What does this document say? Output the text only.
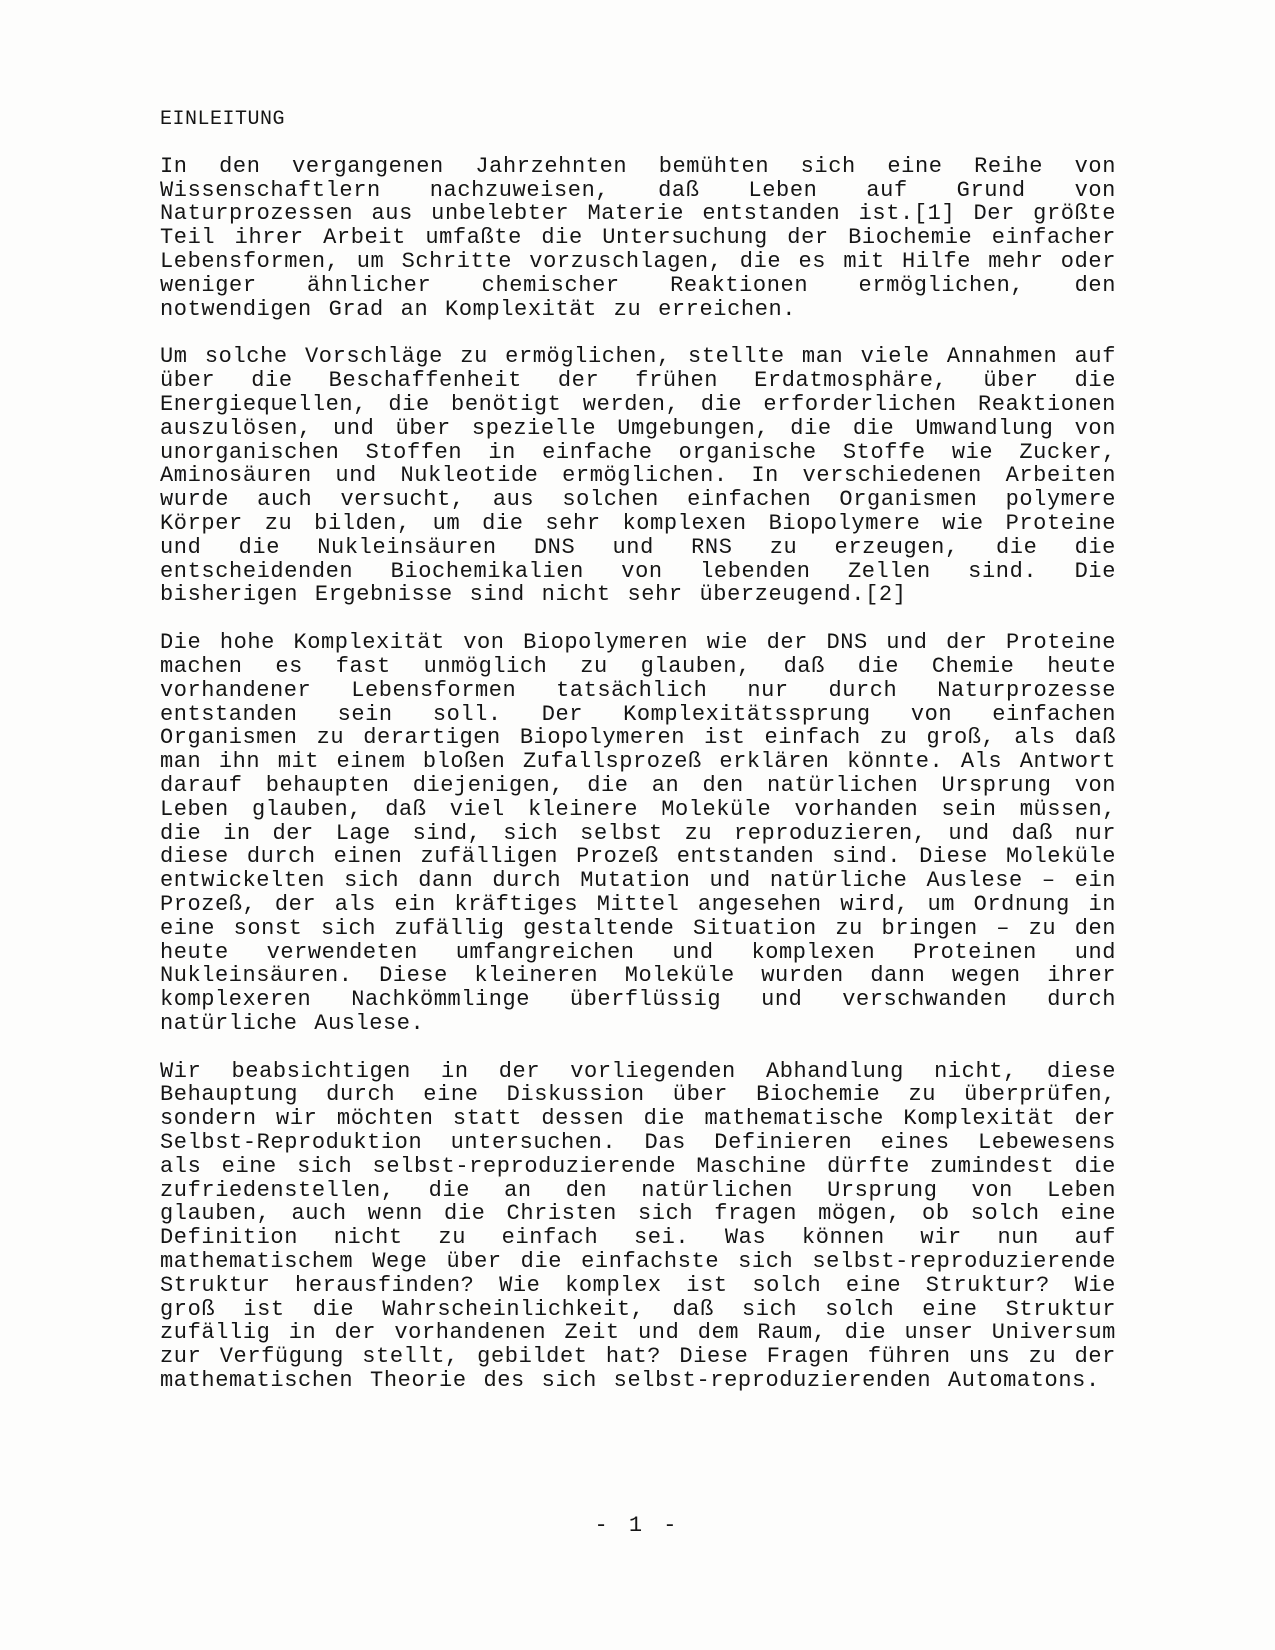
EINLEITUNG

In den vergangenen Jahrzehnten bemühten sich eine Reihe von Wissenschaftlern nachzuweisen, daß Leben auf Grund von Naturprozessen aus unbelebter Materie entstanden ist.[1] Der größte Teil ihrer Arbeit umfaßte die Untersuchung der Biochemie einfacher Lebensformen, um Schritte vorzuschlagen, die es mit Hilfe mehr oder weniger ähnlicher chemischer Reaktionen ermöglichen, den notwendigen Grad an Komplexität zu erreichen.

Um solche Vorschläge zu ermöglichen, stellte man viele Annahmen auf über die Beschaffenheit der frühen Erdatmosphäre, über die Energiequellen, die benötigt werden, die erforderlichen Reaktionen auszulösen, und über spezielle Umgebungen, die die Umwandlung von unorganischen Stoffen in einfache organische Stoffe wie Zucker, Aminosäuren und Nukleotide ermöglichen. In verschiedenen Arbeiten wurde auch versucht, aus solchen einfachen Organismen polymere Körper zu bilden, um die sehr komplexen Biopolymere wie Proteine und die Nukleinsäuren DNS und RNS zu erzeugen, die die entscheidenden Biochemikalien von lebenden Zellen sind. Die bisherigen Ergebnisse sind nicht sehr überzeugend.[2]

Die hohe Komplexität von Biopolymeren wie der DNS und der Proteine machen es fast unmöglich zu glauben, daß die Chemie heute vorhandener Lebensformen tatsächlich nur durch Naturprozesse entstanden sein soll. Der Komplexitätssprung von einfachen Organismen zu derartigen Biopolymeren ist einfach zu groß, als daß man ihn mit einem bloßen Zufallsprozeß erklären könnte. Als Antwort darauf behaupten diejenigen, die an den natürlichen Ursprung von Leben glauben, daß viel kleinere Moleküle vorhanden sein müssen, die in der Lage sind, sich selbst zu reproduzieren, und daß nur diese durch einen zufälligen Prozeß entstanden sind. Diese Moleküle entwickelten sich dann durch Mutation und natürliche Auslese – ein Prozeß, der als ein kräftiges Mittel angesehen wird, um Ordnung in eine sonst sich zufällig gestaltende Situation zu bringen – zu den heute verwendeten umfangreichen und komplexen Proteinen und Nukleinsäuren. Diese kleineren Moleküle wurden dann wegen ihrer komplexeren Nachkömmlinge überflüssig und verschwanden durch natürliche Auslese.

Wir beabsichtigen in der vorliegenden Abhandlung nicht, diese Behauptung durch eine Diskussion über Biochemie zu überprüfen, sondern wir möchten statt dessen die mathematische Komplexität der Selbst-Reproduktion untersuchen. Das Definieren eines Lebewesens als eine sich selbst-reproduzierende Maschine dürfte zumindest die zufriedenstellen, die an den natürlichen Ursprung von Leben glauben, auch wenn die Christen sich fragen mögen, ob solch eine Definition nicht zu einfach sei. Was können wir nun auf mathematischem Wege über die einfachste sich selbst-reproduzierende Struktur herausfinden? Wie komplex ist solch eine Struktur? Wie groß ist die Wahrscheinlichkeit, daß sich solch eine Struktur zufällig in der vorhandenen Zeit und dem Raum, die unser Universum zur Verfügung stellt, gebildet hat? Diese Fragen führen uns zu der mathematischen Theorie des sich selbst-reproduzierenden Automatons.

- 1 -
